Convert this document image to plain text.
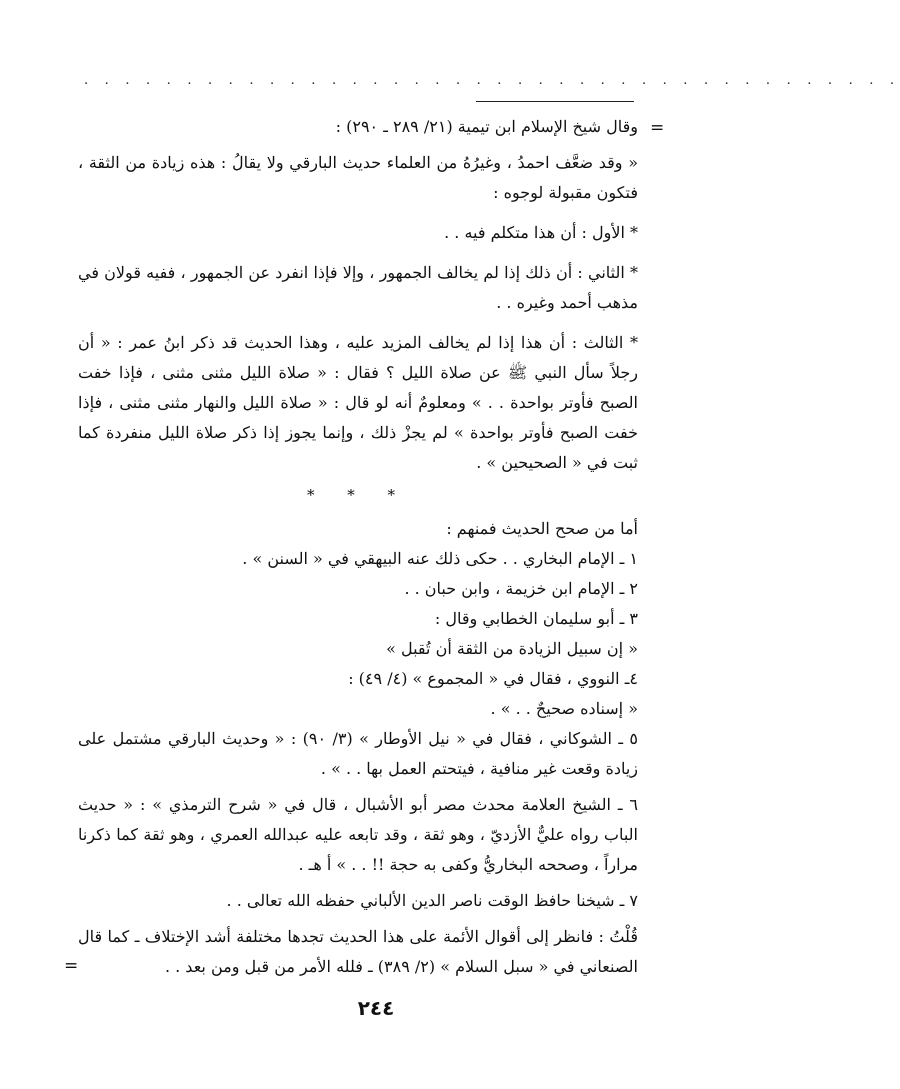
. . . . . . . . . . . . . . . . . . . . . . . . . . . . . . . . . . . . . . . .
=
=

وقال شيخ الإسلام ابن تيمية (٢١/ ٢٨٩ ـ ٢٩٠) :

« وقد ضعَّف احمدُ ، وغيرُهُ من العلماء حديث البارقي ولا يقالُ : هذه زيادة من الثقة ، فتكون مقبولة لوجوه :

* الأول : أن هذا متكلم فيه . .

* الثاني : أن ذلك إذا لم يخالف الجمهور ، وإلا فإذا انفرد عن الجمهور ، ففيه قولان في مذهب أحمد وغيره . .

* الثالث : أن هذا إذا لم يخالف المزيد عليه ، وهذا الحديث قد ذكر ابنُ عمر : « أن رجلاً سأل النبي ﷺ عن صلاة الليل ؟ فقال : « صلاة الليل مثنى مثنى ، فإذا خفت الصبح فأوتر بواحدة . . » ومعلومٌ أنه لو قال : « صلاة الليل والنهار مثنى مثنى ، فإذا خفت الصبح فأوتر بواحدة » لم يجزْ ذلك ، وإنما يجوز إذا ذكر صلاة الليل منفردة كما ثبت في « الصحيحين » .

* * *

أما من صحح الحديث فمنهم :

١ ـ الإمام البخاري . . حكى ذلك عنه البيهقي في « السنن » .

٢ ـ الإمام ابن خزيمة ، وابن حبان . .

٣ ـ أبو سليمان الخطابي وقال :

« إن سبيل الزيادة من الثقة أن تُقبل »

٤ـ النووي ، فقال في « المجموع » (٤/ ٤٩) :

« إسناده صحيحٌ . . » .

٥ ـ الشوكاني ، فقال في « نيل الأوطار » (٣/ ٩٠) : « وحديث البارقي مشتمل على زيادة وقعت غير منافية ، فيتحتم العمل بها . . » .

٦ ـ الشيخ العلامة محدث مصر أبو الأشبال ، قال في « شرح الترمذي » : « حديث الباب رواه عليٌّ الأزديّ ، وهو ثقة ، وقد تابعه عليه عبدالله العمري ، وهو ثقة كما ذكرنا مراراً ، وصححه البخاريُّ وكفى به حجة !! . . » أ هـ .

٧ ـ شيخنا حافظ الوقت ناصر الدين الألباني حفظه الله تعالى . .

قُلْتُ : فانظر إلى أقوال الأئمة على هذا الحديث تجدها مختلفة أشد الإختلاف ـ كما قال الصنعاني في « سبل السلام » (٢/ ٣٨٩) ـ فلله الأمر من قبل ومن بعد . .

٢٤٤
